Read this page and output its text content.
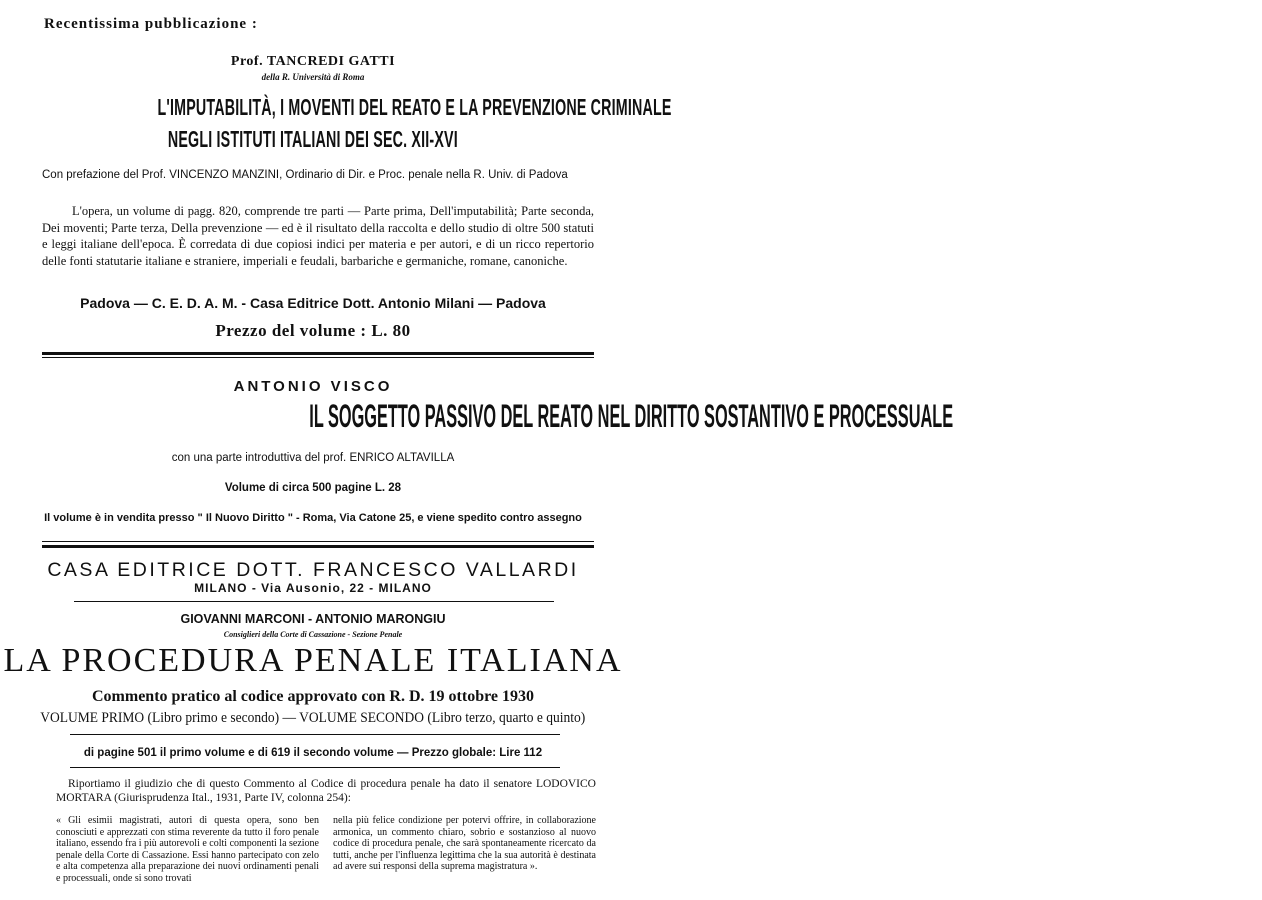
Recentissima pubblicazione :
Prof. TANCREDI GATTI
della R. Università di Roma
L'IMPUTABILITÀ, I MOVENTI DEL REATO E LA PREVENZIONE CRIMINALE
NEGLI ISTITUTI ITALIANI DEI SEC. XII-XVI
Con prefazione del Prof. VINCENZO MANZINI, Ordinario di Dir. e Proc. penale nella R. Univ. di Padova
L'opera, un volume di pagg. 820, comprende tre parti — Parte prima, Dell'imputabilità; Parte seconda, Dei moventi; Parte terza, Della prevenzione — ed è il risultato della raccolta e dello studio di oltre 500 statuti e leggi italiane dell'epoca. È corredata di due copiosi indici per materia e per autori, e di un ricco repertorio delle fonti statutarie italiane e straniere, imperiali e feudali, barbariche e germaniche, romane, canoniche.
Padova — C. E. D. A. M. - Casa Editrice Dott. Antonio Milani — Padova
Prezzo del volume : L. 80
ANTONIO VISCO
IL SOGGETTO PASSIVO DEL REATO NEL DIRITTO SOSTANTIVO E PROCESSUALE
con una parte introduttiva del prof. ENRICO ALTAVILLA
Volume di circa 500 pagine L. 28
Il volume è in vendita presso " Il Nuovo Diritto " - Roma, Via Catone 25, e viene spedito contro assegno
CASA EDITRICE DOTT. FRANCESCO VALLARDI
MILANO - Via Ausonio, 22 - MILANO
GIOVANNI MARCONI - ANTONIO MARONGIU
Consiglieri della Corte di Cassazione - Sezione Penale
LA PROCEDURA PENALE ITALIANA
Commento pratico al codice approvato con R. D. 19 ottobre 1930
VOLUME PRIMO (Libro primo e secondo) — VOLUME SECONDO (Libro terzo, quarto e quinto)
di pagine 501 il primo volume e di 619 il secondo volume — Prezzo globale: Lire 112
Riportiamo il giudizio che di questo Commento al Codice di procedura penale ha dato il senatore LODOVICO MORTARA (Giurisprudenza Ital., 1931, Parte IV, colonna 254):
« Gli esimii magistrati, autori di questa opera, sono ben conosciuti e apprezzati con stima reverente da tutto il foro penale italiano, essendo fra i più autorevoli e colti componenti la sezione penale della Corte di Cassazione. Essi hanno partecipato con zelo e alta competenza alla preparazione dei nuovi ordinamenti penali e processuali, onde si sono trovati
nella più felice condizione per potervi offrire, in collaborazione armonica, un commento chiaro, sobrio e sostanzioso al nuovo codice di procedura penale, che sarà spontaneamente ricercato da tutti, anche per l'influenza legittima che la sua autorità è destinata ad avere sui responsi della suprema magistratura ».
